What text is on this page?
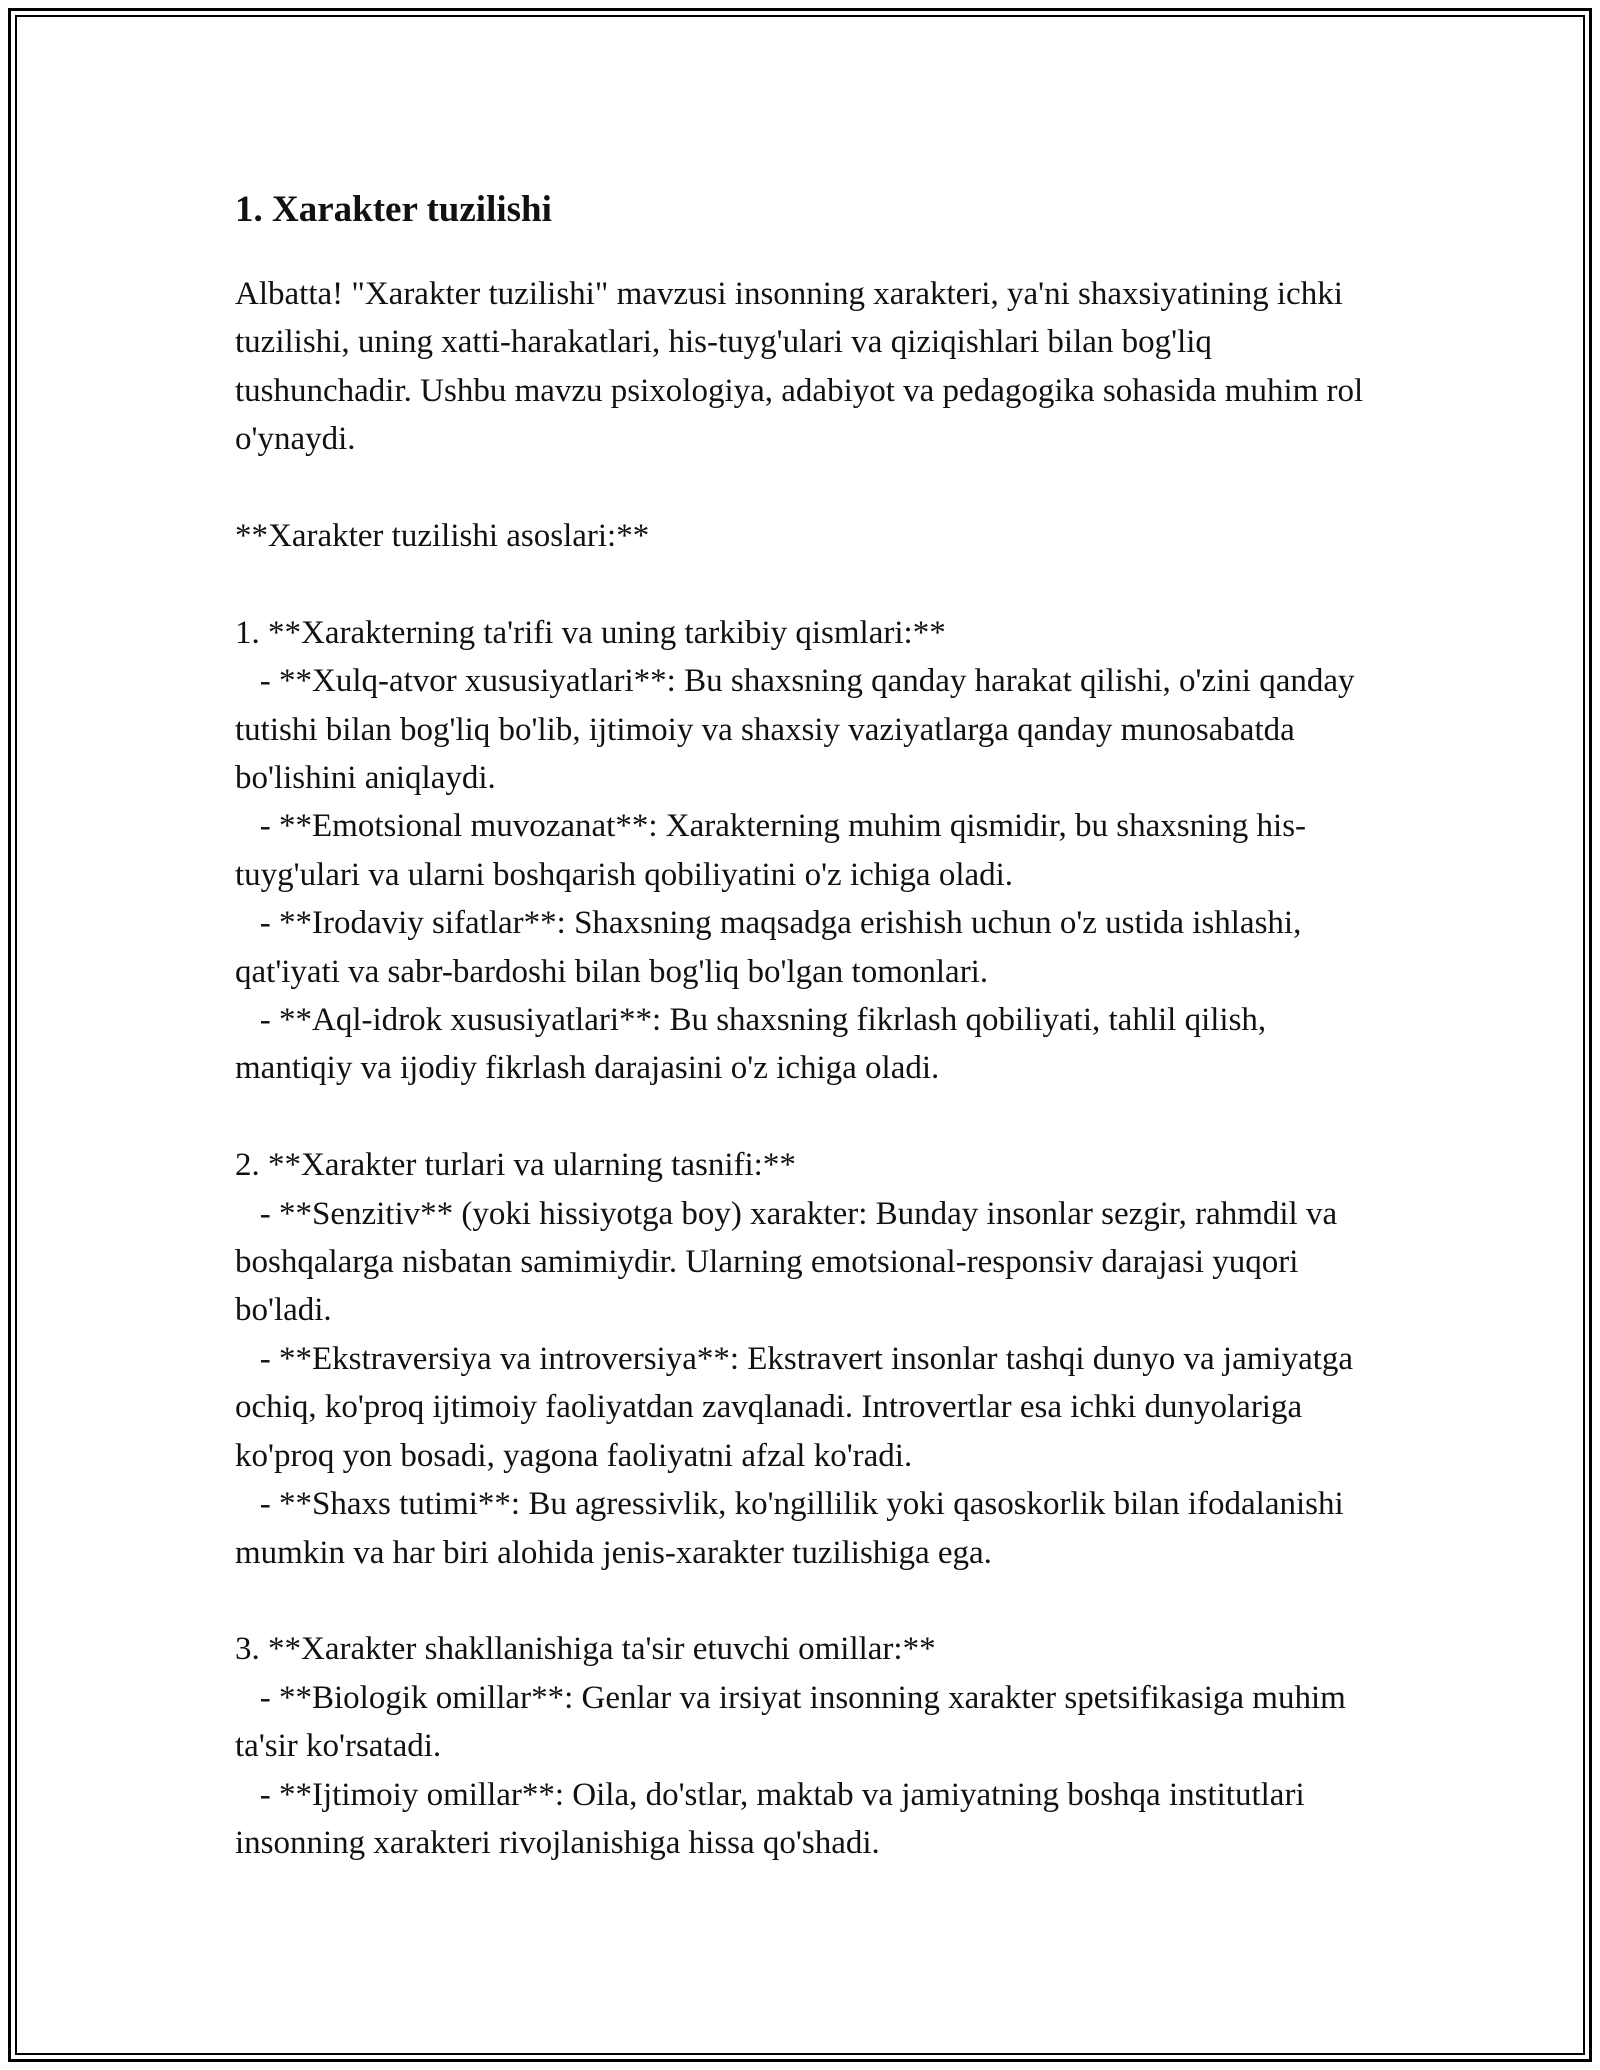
1. Xarakter tuzilishi

Albatta! "Xarakter tuzilishi" mavzusi insonning xarakteri, ya'ni shaxsiyatining ichki tuzilishi, uning xatti-harakatlari, his-tuyg'ulari va qiziqishlari bilan bog'liq tushunchadir. Ushbu mavzu psixologiya, adabiyot va pedagogika sohasida muhim rol o'ynaydi.

**Xarakter tuzilishi asoslari:**

1. **Xarakterning ta'rifi va uning tarkibiy qismlari:**

- **Xulq-atvor xususiyatlari**: Bu shaxsning qanday harakat qilishi, o'zini qanday tutishi bilan bog'liq bo'lib, ijtimoiy va shaxsiy vaziyatlarga qanday munosabatda bo'lishini aniqlaydi.

- **Emotsional muvozanat**: Xarakterning muhim qismidir, bu shaxsning his-tuyg'ulari va ularni boshqarish qobiliyatini o'z ichiga oladi.

- **Irodaviy sifatlar**: Shaxsning maqsadga erishish uchun o'z ustida ishlashi, qat'iyati va sabr-bardoshi bilan bog'liq bo'lgan tomonlari.

- **Aql-idrok xususiyatlari**: Bu shaxsning fikrlash qobiliyati, tahlil qilish, mantiqiy va ijodiy fikrlash darajasini o'z ichiga oladi.

2. **Xarakter turlari va ularning tasnifi:**

- **Senzitiv** (yoki hissiyotga boy) xarakter: Bunday insonlar sezgir, rahmdil va boshqalarga nisbatan samimiydir. Ularning emotsional-responsiv darajasi yuqori bo'ladi.

- **Ekstraversiya va introversiya**: Ekstravert insonlar tashqi dunyo va jamiyatga ochiq, ko'proq ijtimoiy faoliyatdan zavqlanadi. Introvertlar esa ichki dunyolariga ko'proq yon bosadi, yagona faoliyatni afzal ko'radi.

- **Shaxs tutimi**: Bu agressivlik, ko'ngillilik yoki qasoskorlik bilan ifodalanishi mumkin va har biri alohida jenis-xarakter tuzilishiga ega.

3. **Xarakter shakllanishiga ta'sir etuvchi omillar:**

- **Biologik omillar**: Genlar va irsiyat insonning xarakter spetsifikasiga muhim ta'sir ko'rsatadi.

- **Ijtimoiy omillar**: Oila, do'stlar, maktab va jamiyatning boshqa institutlari insonning xarakteri rivojlanishiga hissa qo'shadi.
